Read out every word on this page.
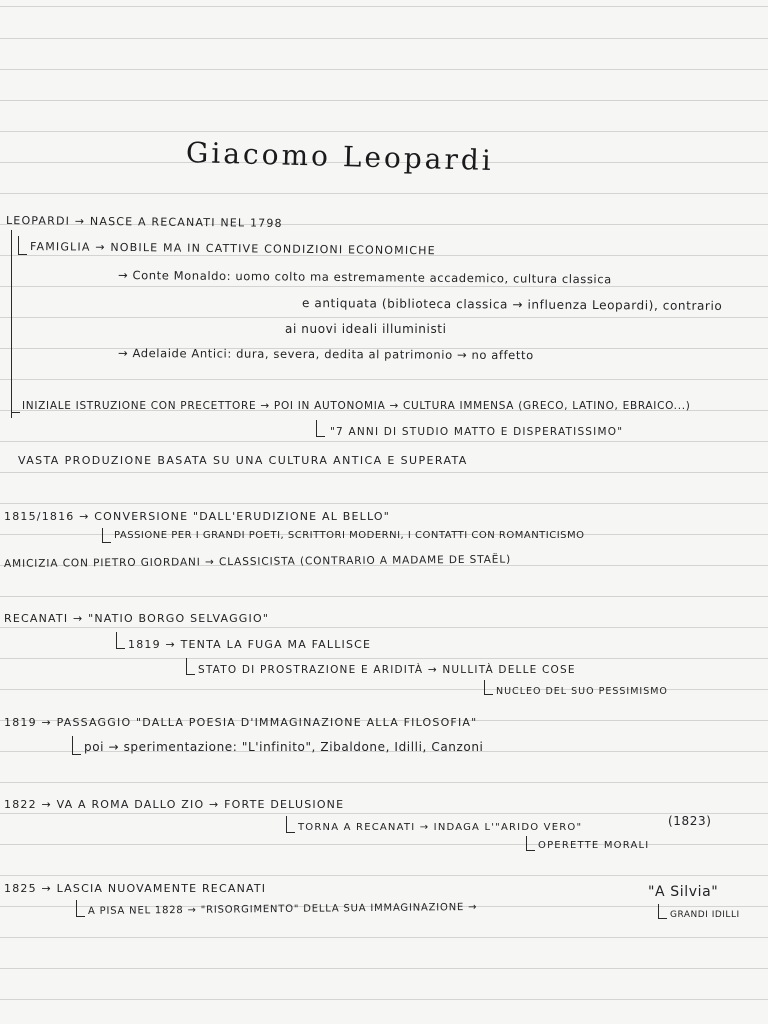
Giacomo Leopardi
LEOPARDI → NASCE A RECANATI NEL 1798
FAMIGLIA → NOBILE MA IN CATTIVE CONDIZIONI ECONOMICHE
→ Conte Monaldo: uomo colto ma estremamente accademico, cultura classica
e antiquata (biblioteca classica → influenza Leopardi), contrario
ai nuovi ideali illuministi
→ Adelaide Antici: dura, severa, dedita al patrimonio → no affetto
INIZIALE ISTRUZIONE CON PRECETTORE → POI IN AUTONOMIA → CULTURA IMMENSA (GRECO, LATINO, EBRAICO...)
"7 ANNI DI STUDIO MATTO E DISPERATISSIMO"
VASTA PRODUZIONE BASATA SU UNA CULTURA ANTICA E SUPERATA
1815/1816 → CONVERSIONE "DALL'ERUDIZIONE AL BELLO"
PASSIONE PER I GRANDI POETI, SCRITTORI MODERNI, I CONTATTI CON ROMANTICISMO
AMICIZIA CON PIETRO GIORDANI → CLASSICISTA (CONTRARIO A MADAME DE STAËL)
RECANATI → "NATIO BORGO SELVAGGIO"
1819 → TENTA LA FUGA MA FALLISCE
STATO DI PROSTRAZIONE E ARIDITÀ → NULLITÀ DELLE COSE
NUCLEO DEL SUO PESSIMISMO
1819 → PASSAGGIO "DALLA POESIA D'IMMAGINAZIONE ALLA FILOSOFIA"
poi → sperimentazione: "L'infinito", Zibaldone, Idilli, Canzoni
1822 → VA A ROMA DALLO ZIO → FORTE DELUSIONE
TORNA A RECANATI → INDAGA L'"ARIDO VERO"	(1823)
OPERETTE MORALI
1825 → LASCIA NUOVAMENTE RECANATI
A PISA NEL 1828 → "RISORGIMENTO" DELLA SUA IMMAGINAZIONE →
"A Silvia"
GRANDI IDILLI
